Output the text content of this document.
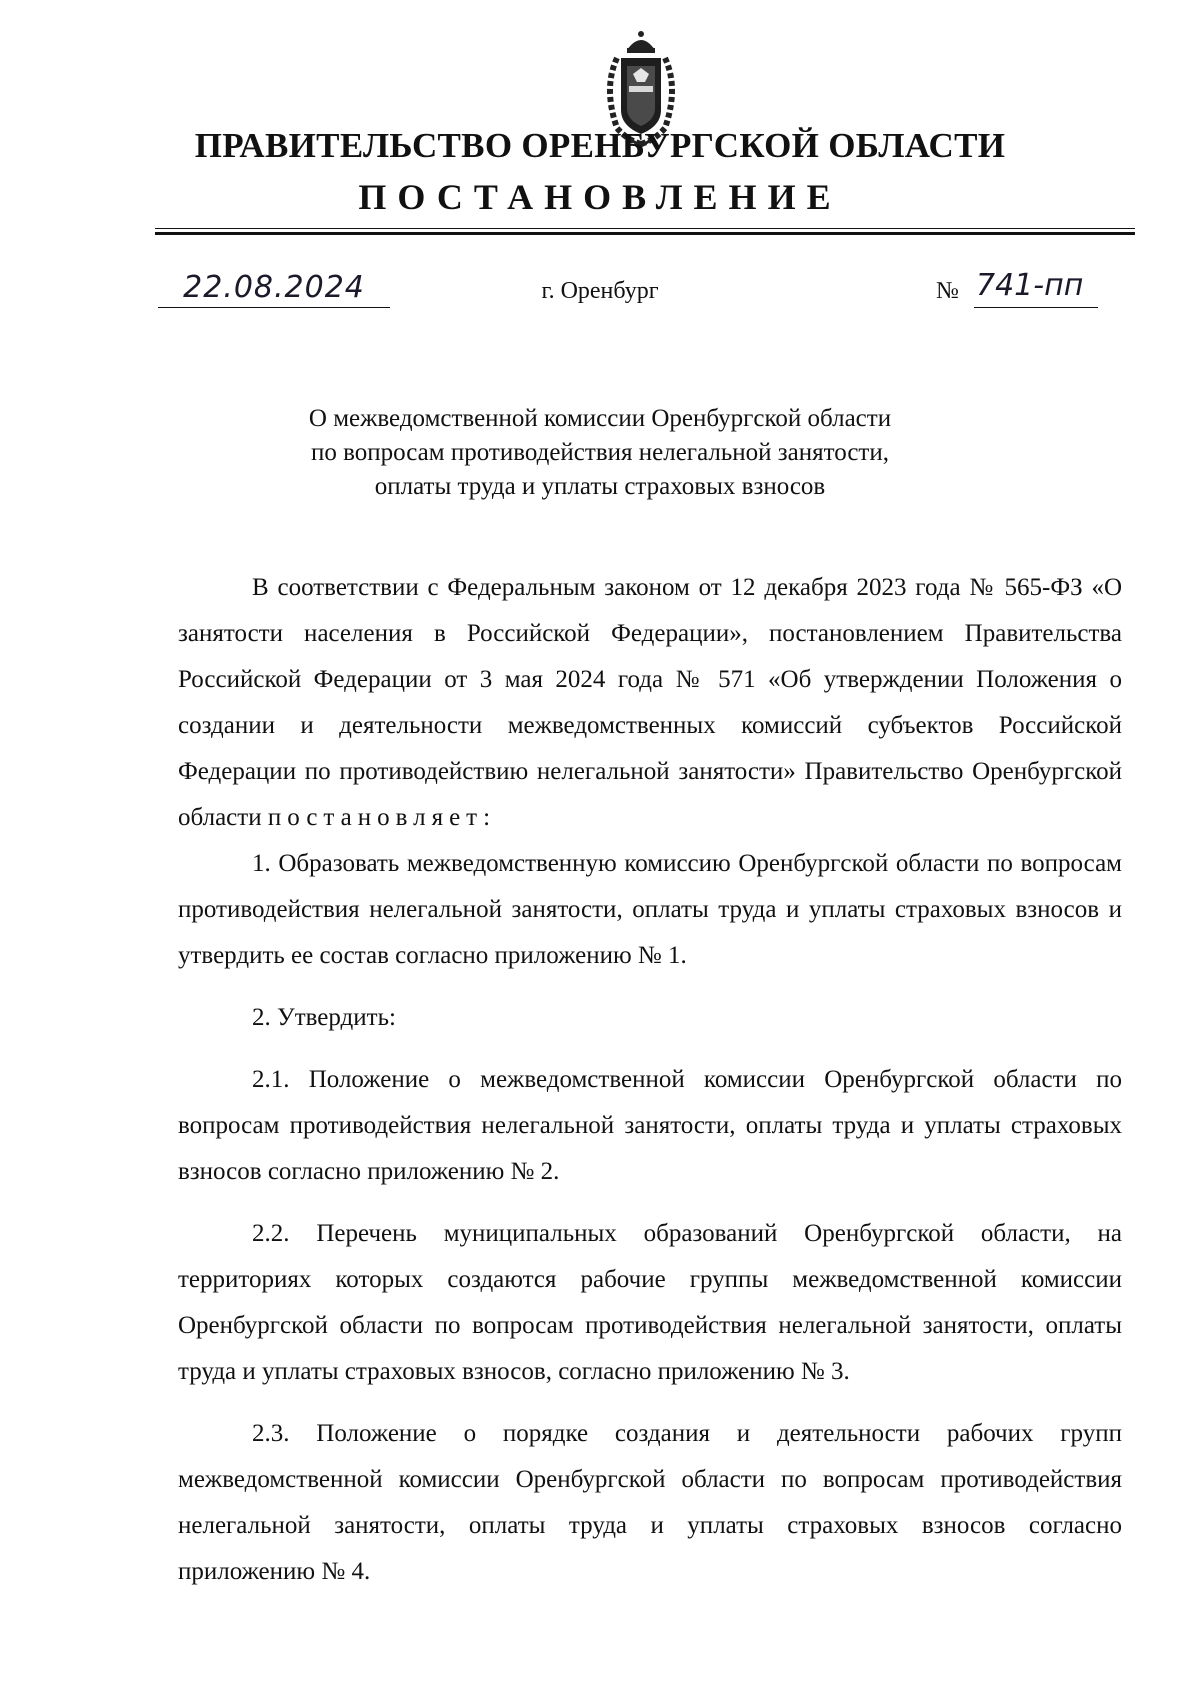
ПРАВИТЕЛЬСТВО ОРЕНБУРГСКОЙ ОБЛАСТИ
ПОСТАНОВЛЕНИЕ
22.08.2024	г. Оренбург	№ 741-пп
О межведомственной комиссии Оренбургской области
по вопросам противодействия нелегальной занятости,
оплаты труда и уплаты страховых взносов

В соответствии с Федеральным законом от 12 декабря 2023 года № 565-ФЗ «О занятости населения в Российской Федерации», постановлением Правительства Российской Федерации от 3 мая 2024 года № 571 «Об утверждении Положения о создании и деятельности межведомственных комиссий субъектов Российской Федерации по противодействию нелегальной занятости» Правительство Оренбургской области постановляет:

1. Образовать межведомственную комиссию Оренбургской области по вопросам противодействия нелегальной занятости, оплаты труда и уплаты страховых взносов и утвердить ее состав согласно приложению № 1.

2. Утвердить:

2.1. Положение о межведомственной комиссии Оренбургской области по вопросам противодействия нелегальной занятости, оплаты труда и уплаты страховых взносов согласно приложению № 2.

2.2. Перечень муниципальных образований Оренбургской области, на территориях которых создаются рабочие группы межведомственной комиссии Оренбургской области по вопросам противодействия нелегальной занятости, оплаты труда и уплаты страховых взносов, согласно приложению № 3.

2.3. Положение о порядке создания и деятельности рабочих групп межведомственной комиссии Оренбургской области по вопросам противодействия нелегальной занятости, оплаты труда и уплаты страховых взносов согласно приложению № 4.
